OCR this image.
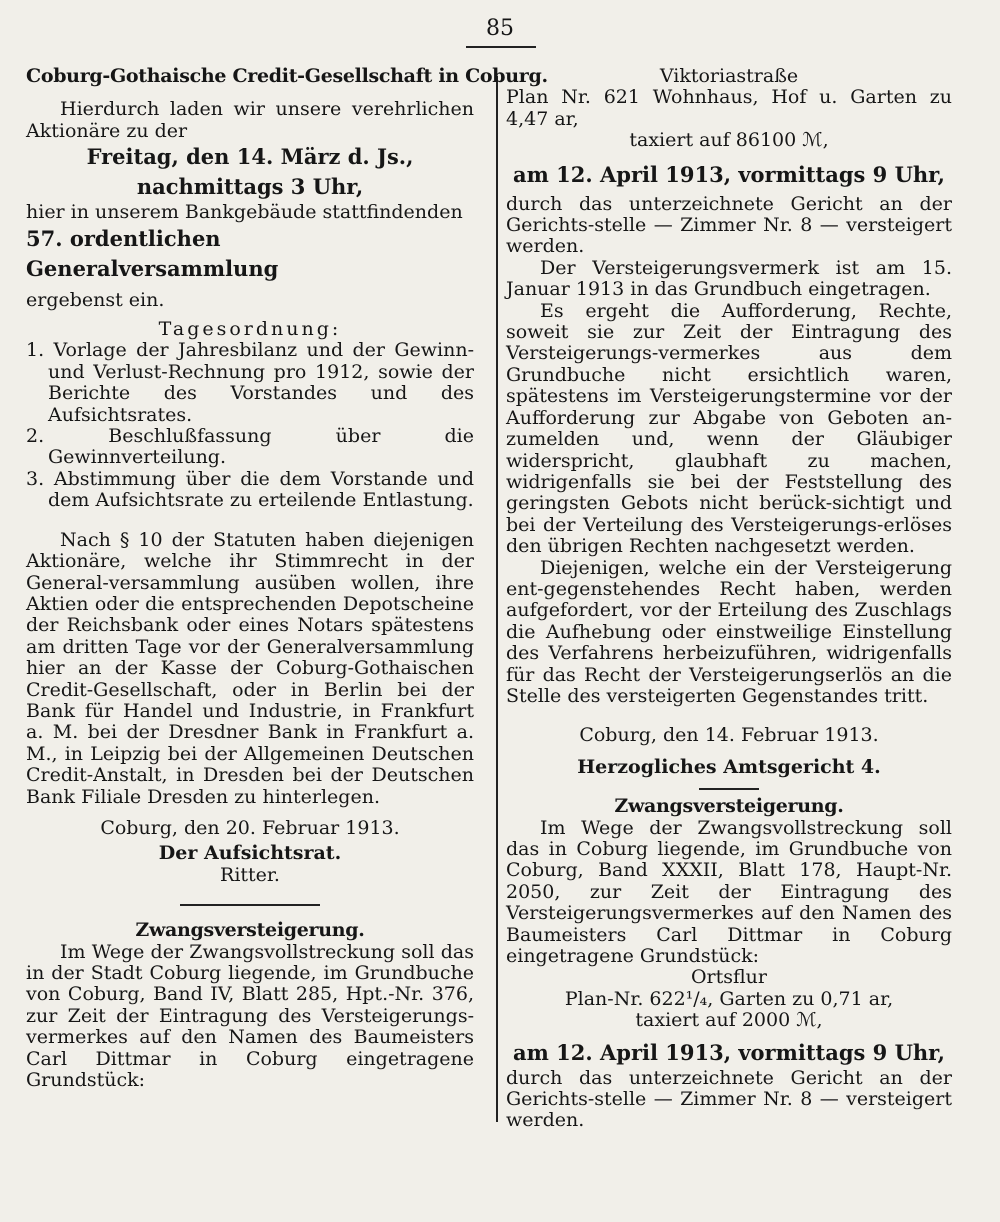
85

Coburg-Gothaische Credit-Gesellschaft in Coburg.

Hierdurch laden wir unsere verehrlichen Aktionäre zu der

Freitag, den 14. März d. Js.,

nachmittags 3 Uhr,

hier in unserem Bankgebäude stattfindenden

57. ordentlichen Generalversammlung

ergebenst ein.

Tagesordnung:

1. Vorlage der Jahresbilanz und der Gewinn- und Verlust-Rechnung pro 1912, sowie der Berichte des Vorstandes und des Aufsichtsrates.

2. Beschlußfassung über die Gewinnverteilung.

3. Abstimmung über die dem Vorstande und dem Aufsichtsrate zu erteilende Entlastung.

Nach § 10 der Statuten haben diejenigen Aktionäre, welche ihr Stimmrecht in der General-versammlung ausüben wollen, ihre Aktien oder die entsprechenden Depotscheine der Reichsbank oder eines Notars spätestens am dritten Tage vor der Generalversammlung hier an der Kasse der Coburg-Gothaischen Credit-Gesellschaft, oder in Berlin bei der Bank für Handel und Industrie, in Frankfurt a. M. bei der Dresdner Bank in Frankfurt a. M., in Leipzig bei der Allgemeinen Deutschen Credit-Anstalt, in Dresden bei der Deutschen Bank Filiale Dresden zu hinterlegen.

Coburg, den 20. Februar 1913.

Der Aufsichtsrat.

Ritter.

Zwangsversteigerung.

Im Wege der Zwangsvollstreckung soll das in der Stadt Coburg liegende, im Grundbuche von Coburg, Band IV, Blatt 285, Hpt.-Nr. 376, zur Zeit der Eintragung des Versteigerungs-vermerkes auf den Namen des Baumeisters Carl Dittmar in Coburg eingetragene Grundstück:

Viktoriastraße

Plan Nr. 621 Wohnhaus, Hof u. Garten zu 4,47 ar,

taxiert auf 86100 ℳ,

am 12. April 1913, vormittags 9 Uhr,

durch das unterzeichnete Gericht an der Gerichts-stelle — Zimmer Nr. 8 — versteigert werden.

Der Versteigerungsvermerk ist am 15. Januar 1913 in das Grundbuch eingetragen.

Es ergeht die Aufforderung, Rechte, soweit sie zur Zeit der Eintragung des Versteigerungs-vermerkes aus dem Grundbuche nicht ersichtlich waren, spätestens im Versteigerungstermine vor der Aufforderung zur Abgabe von Geboten an-zumelden und, wenn der Gläubiger widerspricht, glaubhaft zu machen, widrigenfalls sie bei der Feststellung des geringsten Gebots nicht berück-sichtigt und bei der Verteilung des Versteigerungs-erlöses den übrigen Rechten nachgesetzt werden.

Diejenigen, welche ein der Versteigerung ent-gegenstehendes Recht haben, werden aufgefordert, vor der Erteilung des Zuschlags die Aufhebung oder einstweilige Einstellung des Verfahrens herbeizuführen, widrigenfalls für das Recht der Versteigerungserlös an die Stelle des versteigerten Gegenstandes tritt.

Coburg, den 14. Februar 1913.

Herzogliches Amtsgericht 4.

Zwangsversteigerung.

Im Wege der Zwangsvollstreckung soll das in Coburg liegende, im Grundbuche von Coburg, Band XXXII, Blatt 178, Haupt-Nr. 2050, zur Zeit der Eintragung des Versteigerungsvermerkes auf den Namen des Baumeisters Carl Dittmar in Coburg eingetragene Grundstück:

Ortsflur

Plan-Nr. 622¹/₄, Garten zu 0,71 ar,

taxiert auf 2000 ℳ,

am 12. April 1913, vormittags 9 Uhr,

durch das unterzeichnete Gericht an der Gerichts-stelle — Zimmer Nr. 8 — versteigert werden.
